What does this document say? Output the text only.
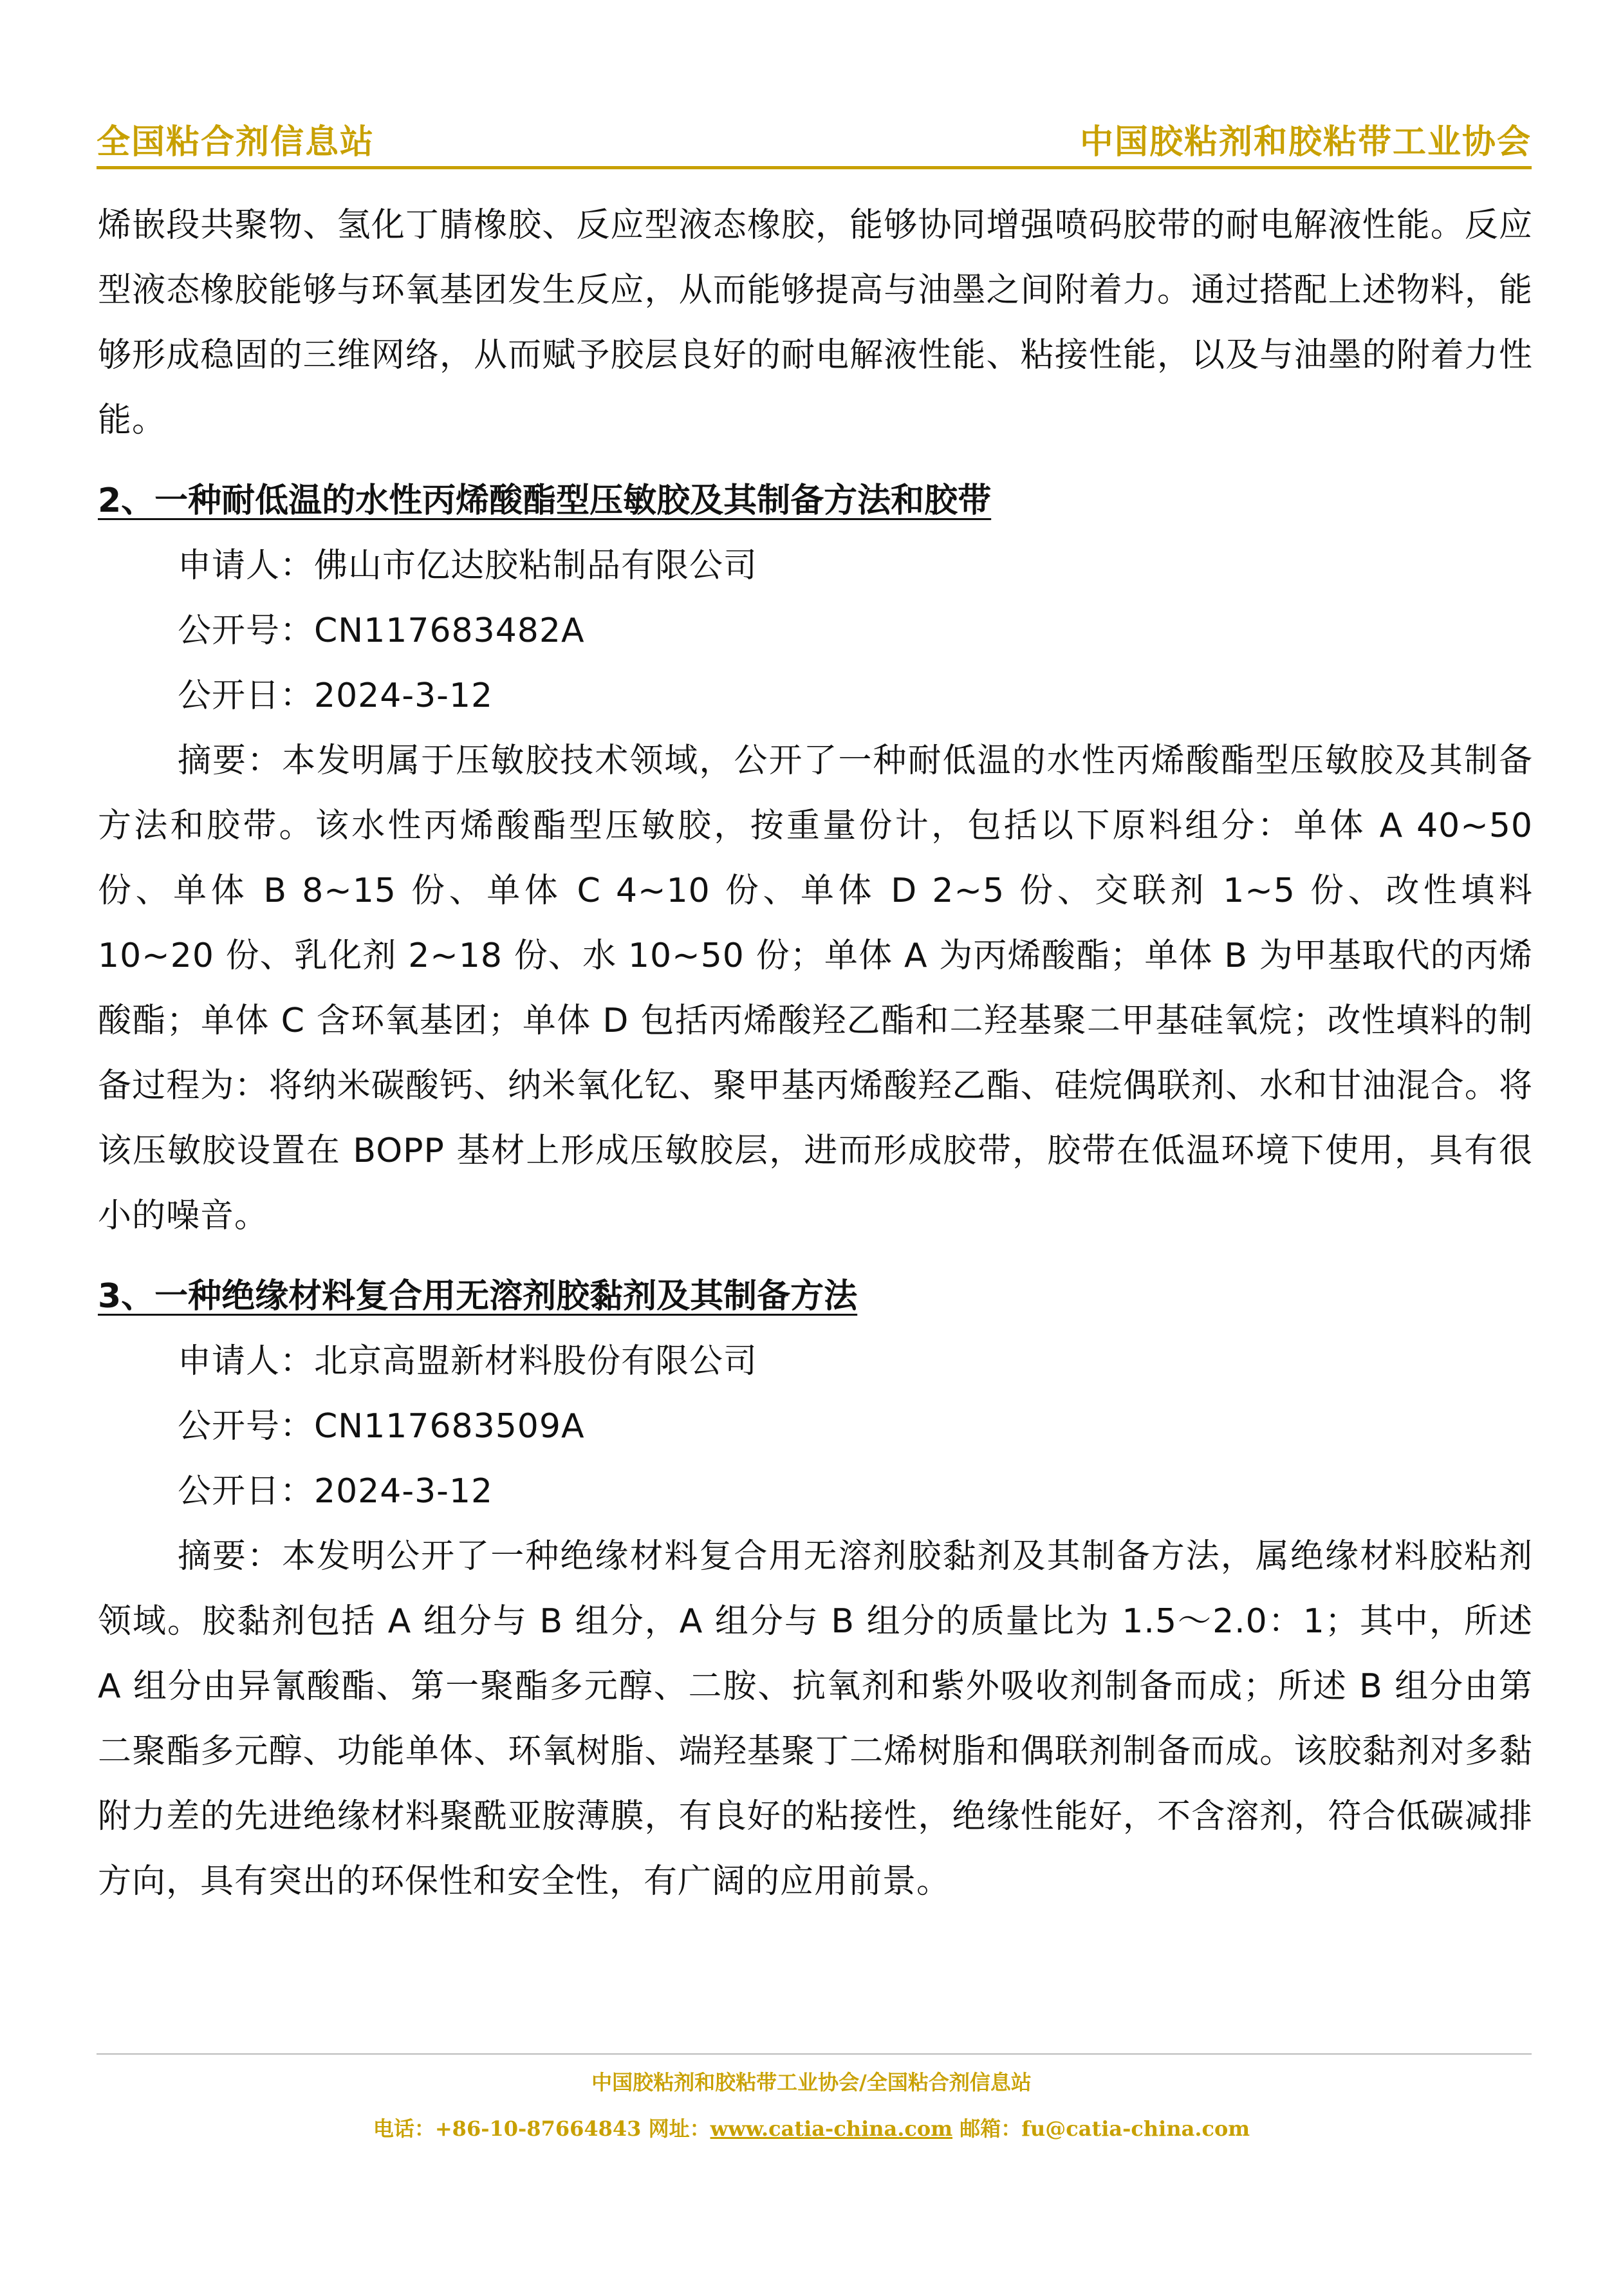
全国粘合剂信息站	中国胶粘剂和胶粘带工业协会

烯嵌段共聚物、氢化丁腈橡胶、反应型液态橡胶，能够协同增强喷码胶带的耐电解液性能。反应型液态橡胶能够与环氧基团发生反应，从而能够提高与油墨之间附着力。通过搭配上述物料，能够形成稳固的三维网络，从而赋予胶层良好的耐电解液性能、粘接性能，以及与油墨的附着力性能。

2、一种耐低温的水性丙烯酸酯型压敏胶及其制备方法和胶带

申请人：佛山市亿达胶粘制品有限公司

公开号：CN117683482A

公开日：2024-3-12

摘要：本发明属于压敏胶技术领域，公开了一种耐低温的水性丙烯酸酯型压敏胶及其制备方法和胶带。该水性丙烯酸酯型压敏胶，按重量份计，包括以下原料组分：单体 A 40~50 份、单体 B 8~15 份、单体 C 4~10 份、单体 D 2~5 份、交联剂 1~5 份、改性填料 10~20 份、乳化剂 2~18 份、水 10~50 份；单体 A 为丙烯酸酯；单体 B 为甲基取代的丙烯酸酯；单体 C 含环氧基团；单体 D 包括丙烯酸羟乙酯和二羟基聚二甲基硅氧烷；改性填料的制备过程为：将纳米碳酸钙、纳米氧化钇、聚甲基丙烯酸羟乙酯、硅烷偶联剂、水和甘油混合。将该压敏胶设置在 BOPP 基材上形成压敏胶层，进而形成胶带，胶带在低温环境下使用，具有很小的噪音。

3、一种绝缘材料复合用无溶剂胶黏剂及其制备方法

申请人：北京高盟新材料股份有限公司

公开号：CN117683509A

公开日：2024-3-12

摘要：本发明公开了一种绝缘材料复合用无溶剂胶黏剂及其制备方法，属绝缘材料胶粘剂领域。胶黏剂包括 A 组分与 B 组分，A 组分与 B 组分的质量比为 1.5～2.0：1；其中，所述 A 组分由异氰酸酯、第一聚酯多元醇、二胺、抗氧剂和紫外吸收剂制备而成；所述 B 组分由第二聚酯多元醇、功能单体、环氧树脂、端羟基聚丁二烯树脂和偶联剂制备而成。该胶黏剂对多黏附力差的先进绝缘材料聚酰亚胺薄膜，有良好的粘接性，绝缘性能好，不含溶剂，符合低碳减排方向，具有突出的环保性和安全性，有广阔的应用前景。

中国胶粘剂和胶粘带工业协会/全国粘合剂信息站
电话：+86-10-87664843 网址：www.catia-china.com 邮箱：fu@catia-china.com
